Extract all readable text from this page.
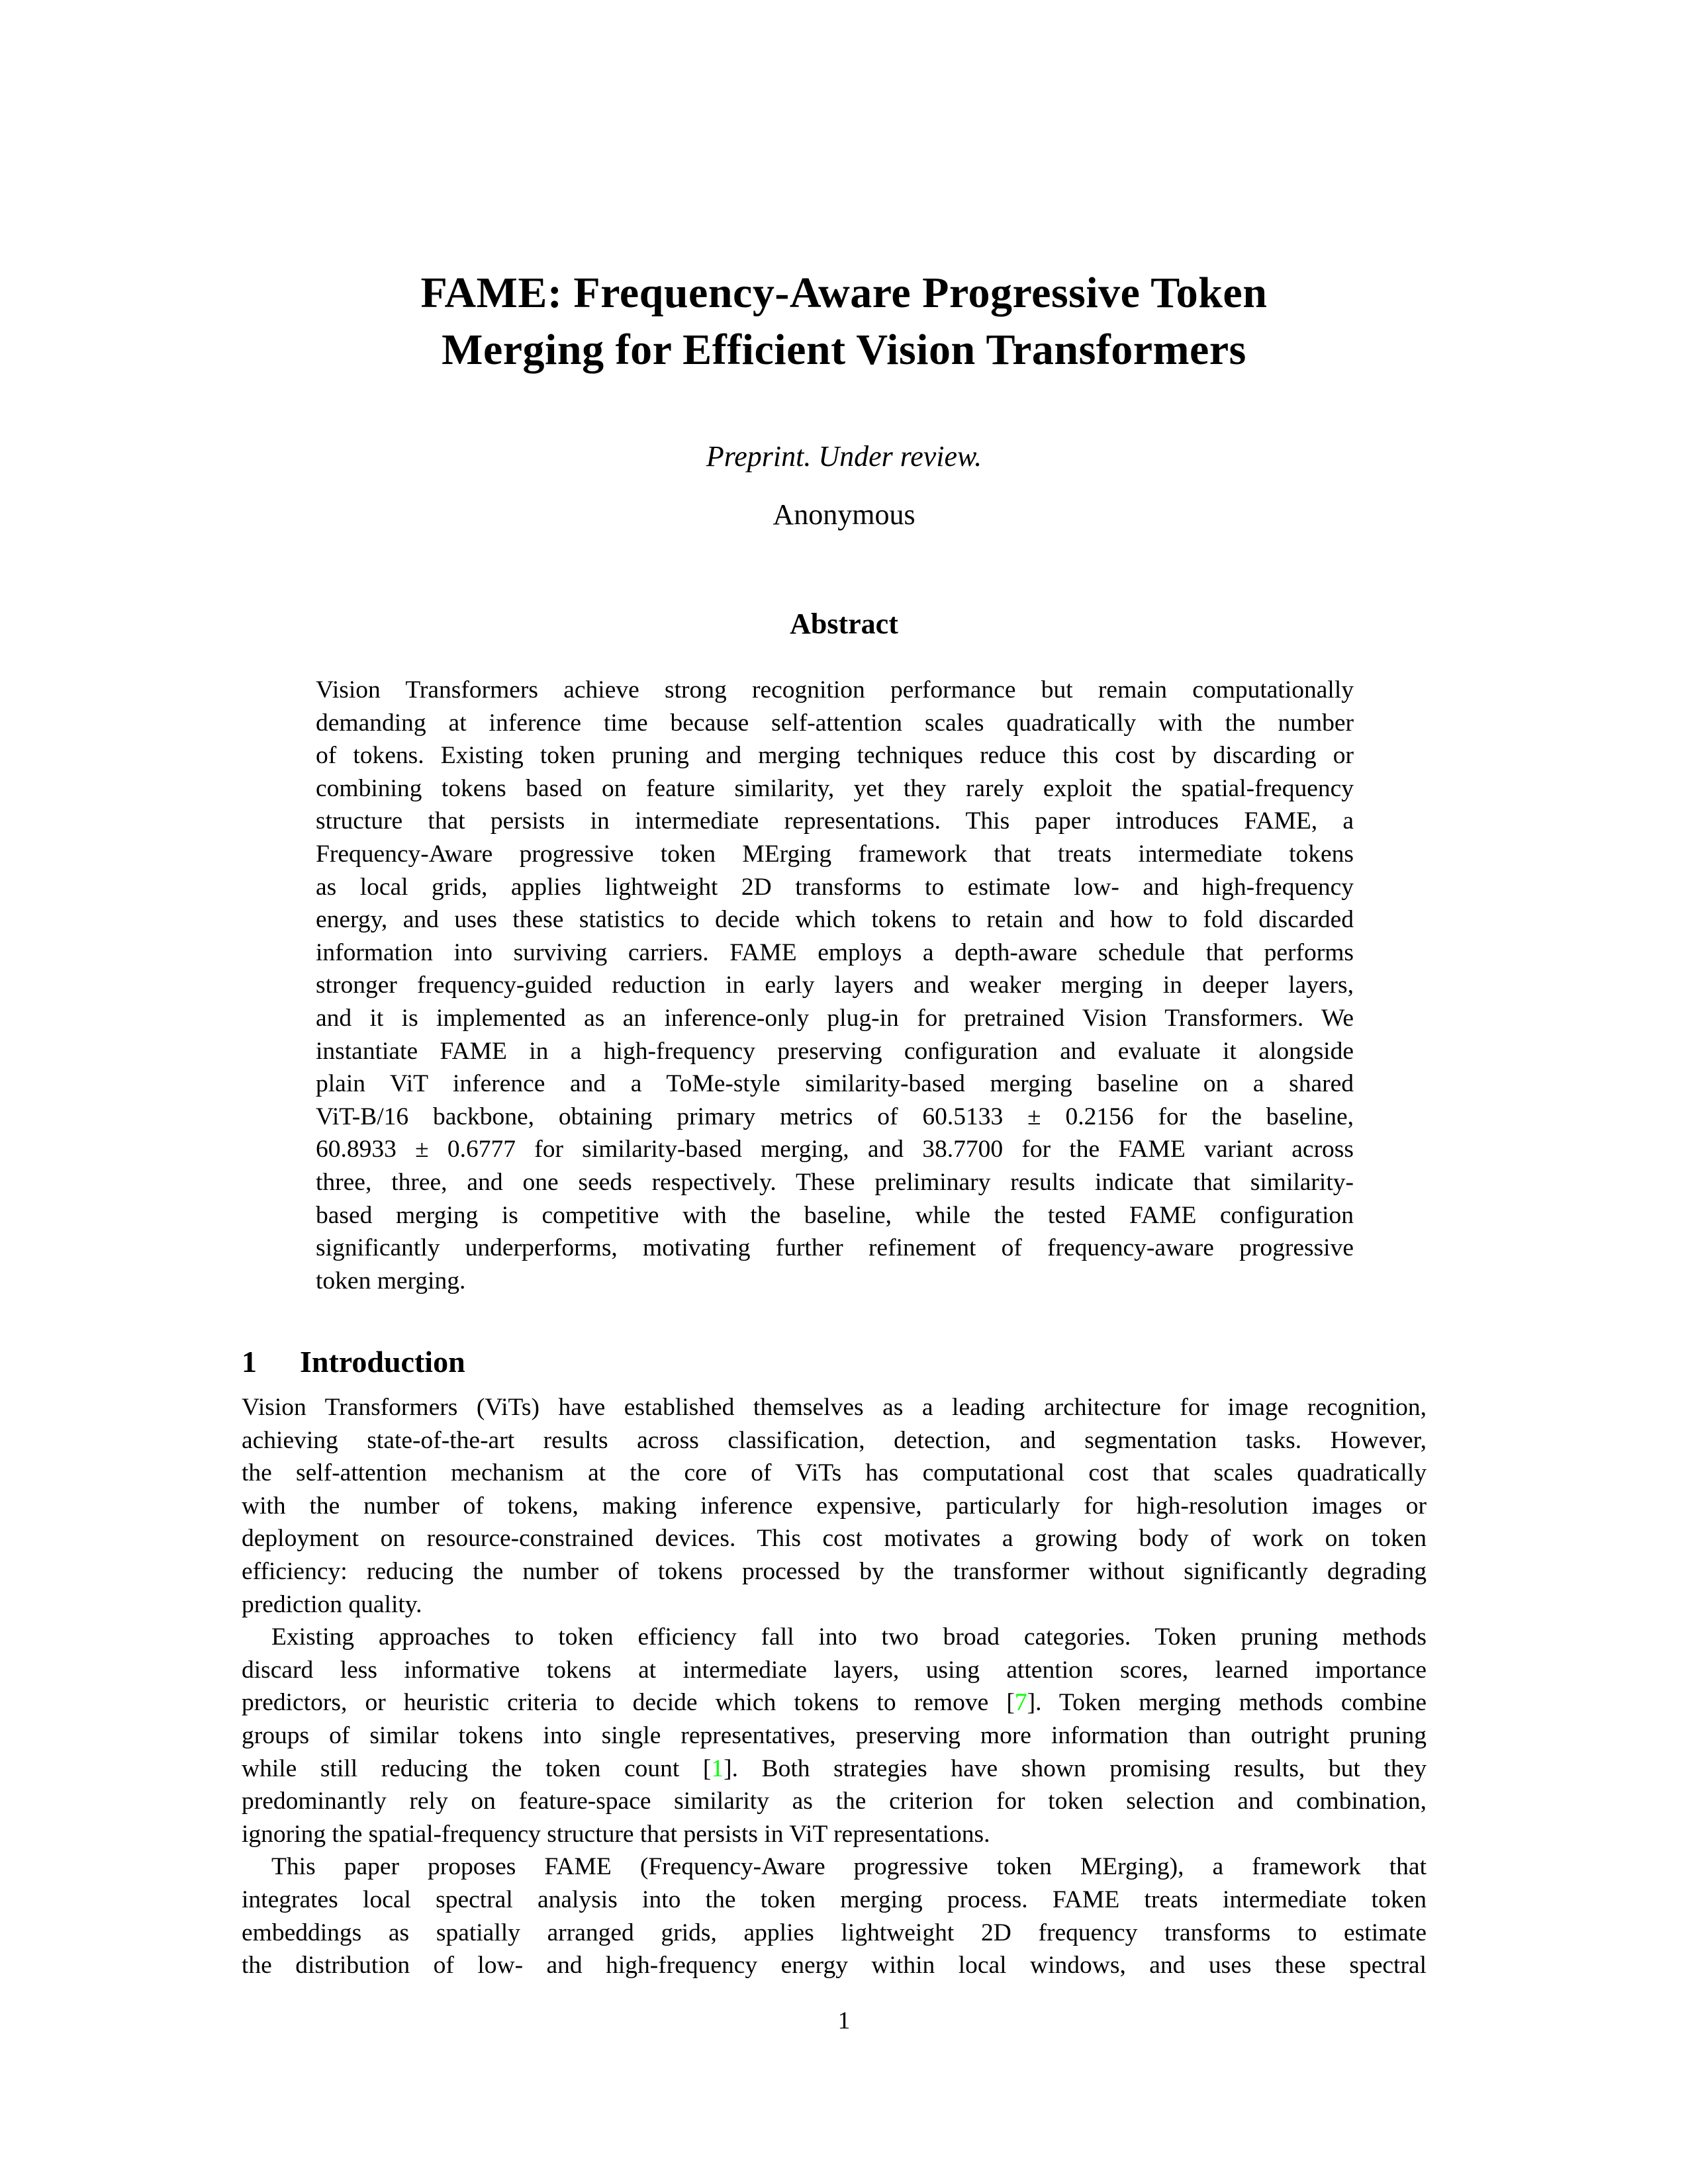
FAME: Frequency-Aware Progressive Token
Merging for Efficient Vision Transformers
Preprint. Under review.
Anonymous
Abstract
Vision Transformers achieve strong recognition performance but remain computationally
demanding at inference time because self-attention scales quadratically with the number
of tokens. Existing token pruning and merging techniques reduce this cost by discarding or
combining tokens based on feature similarity, yet they rarely exploit the spatial-frequency
structure that persists in intermediate representations. This paper introduces FAME, a
Frequency-Aware progressive token MErging framework that treats intermediate tokens
as local grids, applies lightweight 2D transforms to estimate low- and high-frequency
energy, and uses these statistics to decide which tokens to retain and how to fold discarded
information into surviving carriers. FAME employs a depth-aware schedule that performs
stronger frequency-guided reduction in early layers and weaker merging in deeper layers,
and it is implemented as an inference-only plug-in for pretrained Vision Transformers. We
instantiate FAME in a high-frequency preserving configuration and evaluate it alongside
plain ViT inference and a ToMe-style similarity-based merging baseline on a shared
ViT-B/16 backbone, obtaining primary metrics of 60.5133 ± 0.2156 for the baseline,
60.8933 ± 0.6777 for similarity-based merging, and 38.7700 for the FAME variant across
three, three, and one seeds respectively. These preliminary results indicate that similarity-
based merging is competitive with the baseline, while the tested FAME configuration
significantly underperforms, motivating further refinement of frequency-aware progressive
token merging.
1 Introduction
Vision Transformers (ViTs) have established themselves as a leading architecture for image recognition,
achieving state-of-the-art results across classification, detection, and segmentation tasks. However,
the self-attention mechanism at the core of ViTs has computational cost that scales quadratically
with the number of tokens, making inference expensive, particularly for high-resolution images or
deployment on resource-constrained devices. This cost motivates a growing body of work on token
efficiency: reducing the number of tokens processed by the transformer without significantly degrading
prediction quality.
Existing approaches to token efficiency fall into two broad categories. Token pruning methods
discard less informative tokens at intermediate layers, using attention scores, learned importance
predictors, or heuristic criteria to decide which tokens to remove [7]. Token merging methods combine
groups of similar tokens into single representatives, preserving more information than outright pruning
while still reducing the token count [1]. Both strategies have shown promising results, but they
predominantly rely on feature-space similarity as the criterion for token selection and combination,
ignoring the spatial-frequency structure that persists in ViT representations.
This paper proposes FAME (Frequency-Aware progressive token MErging), a framework that
integrates local spectral analysis into the token merging process. FAME treats intermediate token
embeddings as spatially arranged grids, applies lightweight 2D frequency transforms to estimate
the distribution of low- and high-frequency energy within local windows, and uses these spectral
1
